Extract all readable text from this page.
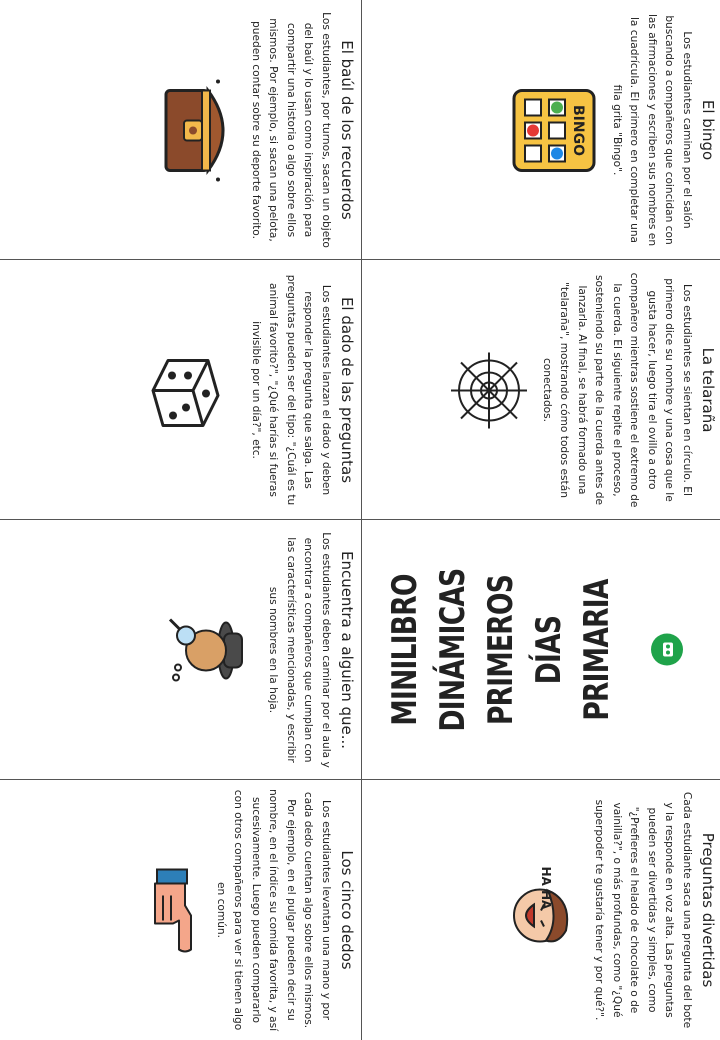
El baúl de los recuerdos
Los estudiantes, por turnos, sacan un objeto del baúl y lo usan como inspiración para compartir una historia o algo sobre ellos mismos. Por ejemplo, si sacan una pelota, pueden contar sobre su deporte favorito.	El bingo
Los estudiantes caminan por el salón buscando a compañeros que coincidan con las afirmaciones y escriben sus nombres en la cuadrícula. El primero en completar una fila grita "Bingo".
BINGO
El dado de las preguntas
Los estudiantes lanzan el dado y deben responder la pregunta que salga. Las preguntas pueden ser del tipo: "¿Cuál es tu animal favorito?", "¿Qué harías si fueras invisible por un día?", etc.	La telaraña
Los estudiantes se sientan en círculo. El primero dice su nombre y una cosa que le gusta hacer, luego tira el ovillo a otro compañero mientras sostiene el extremo de la cuerda. El siguiente repite el proceso, sosteniendo su parte de la cuerda antes de lanzarla. Al final, se habrá formado una "telaraña", mostrando cómo todos están conectados.
Encuentra a alguien que...
Los estudiantes deben caminar por el aula y encontrar a compañeros que cumplan con las características mencionadas, y escribir sus nombres en la hoja.	MINILIBRO DINÁMICAS PRIMEROS DÍAS PRIMARIA
Los cinco dedos
Los estudiantes levantan una mano y por cada dedo cuentan algo sobre ellos mismos. Por ejemplo, en el pulgar pueden decir su nombre, en el índice su comida favorita, y así sucesivamente. Luego pueden compararlo con otros compañeros para ver si tienen algo en común.	Preguntas divertidas
Cada estudiante saca una pregunta del bote y la responde en voz alta. Las preguntas pueden ser divertidas y simples, como "¿Prefieres el helado de chocolate o de vainilla?", o más profundas, como "¿Qué superpoder te gustaría tener y por qué?".
HA HA
